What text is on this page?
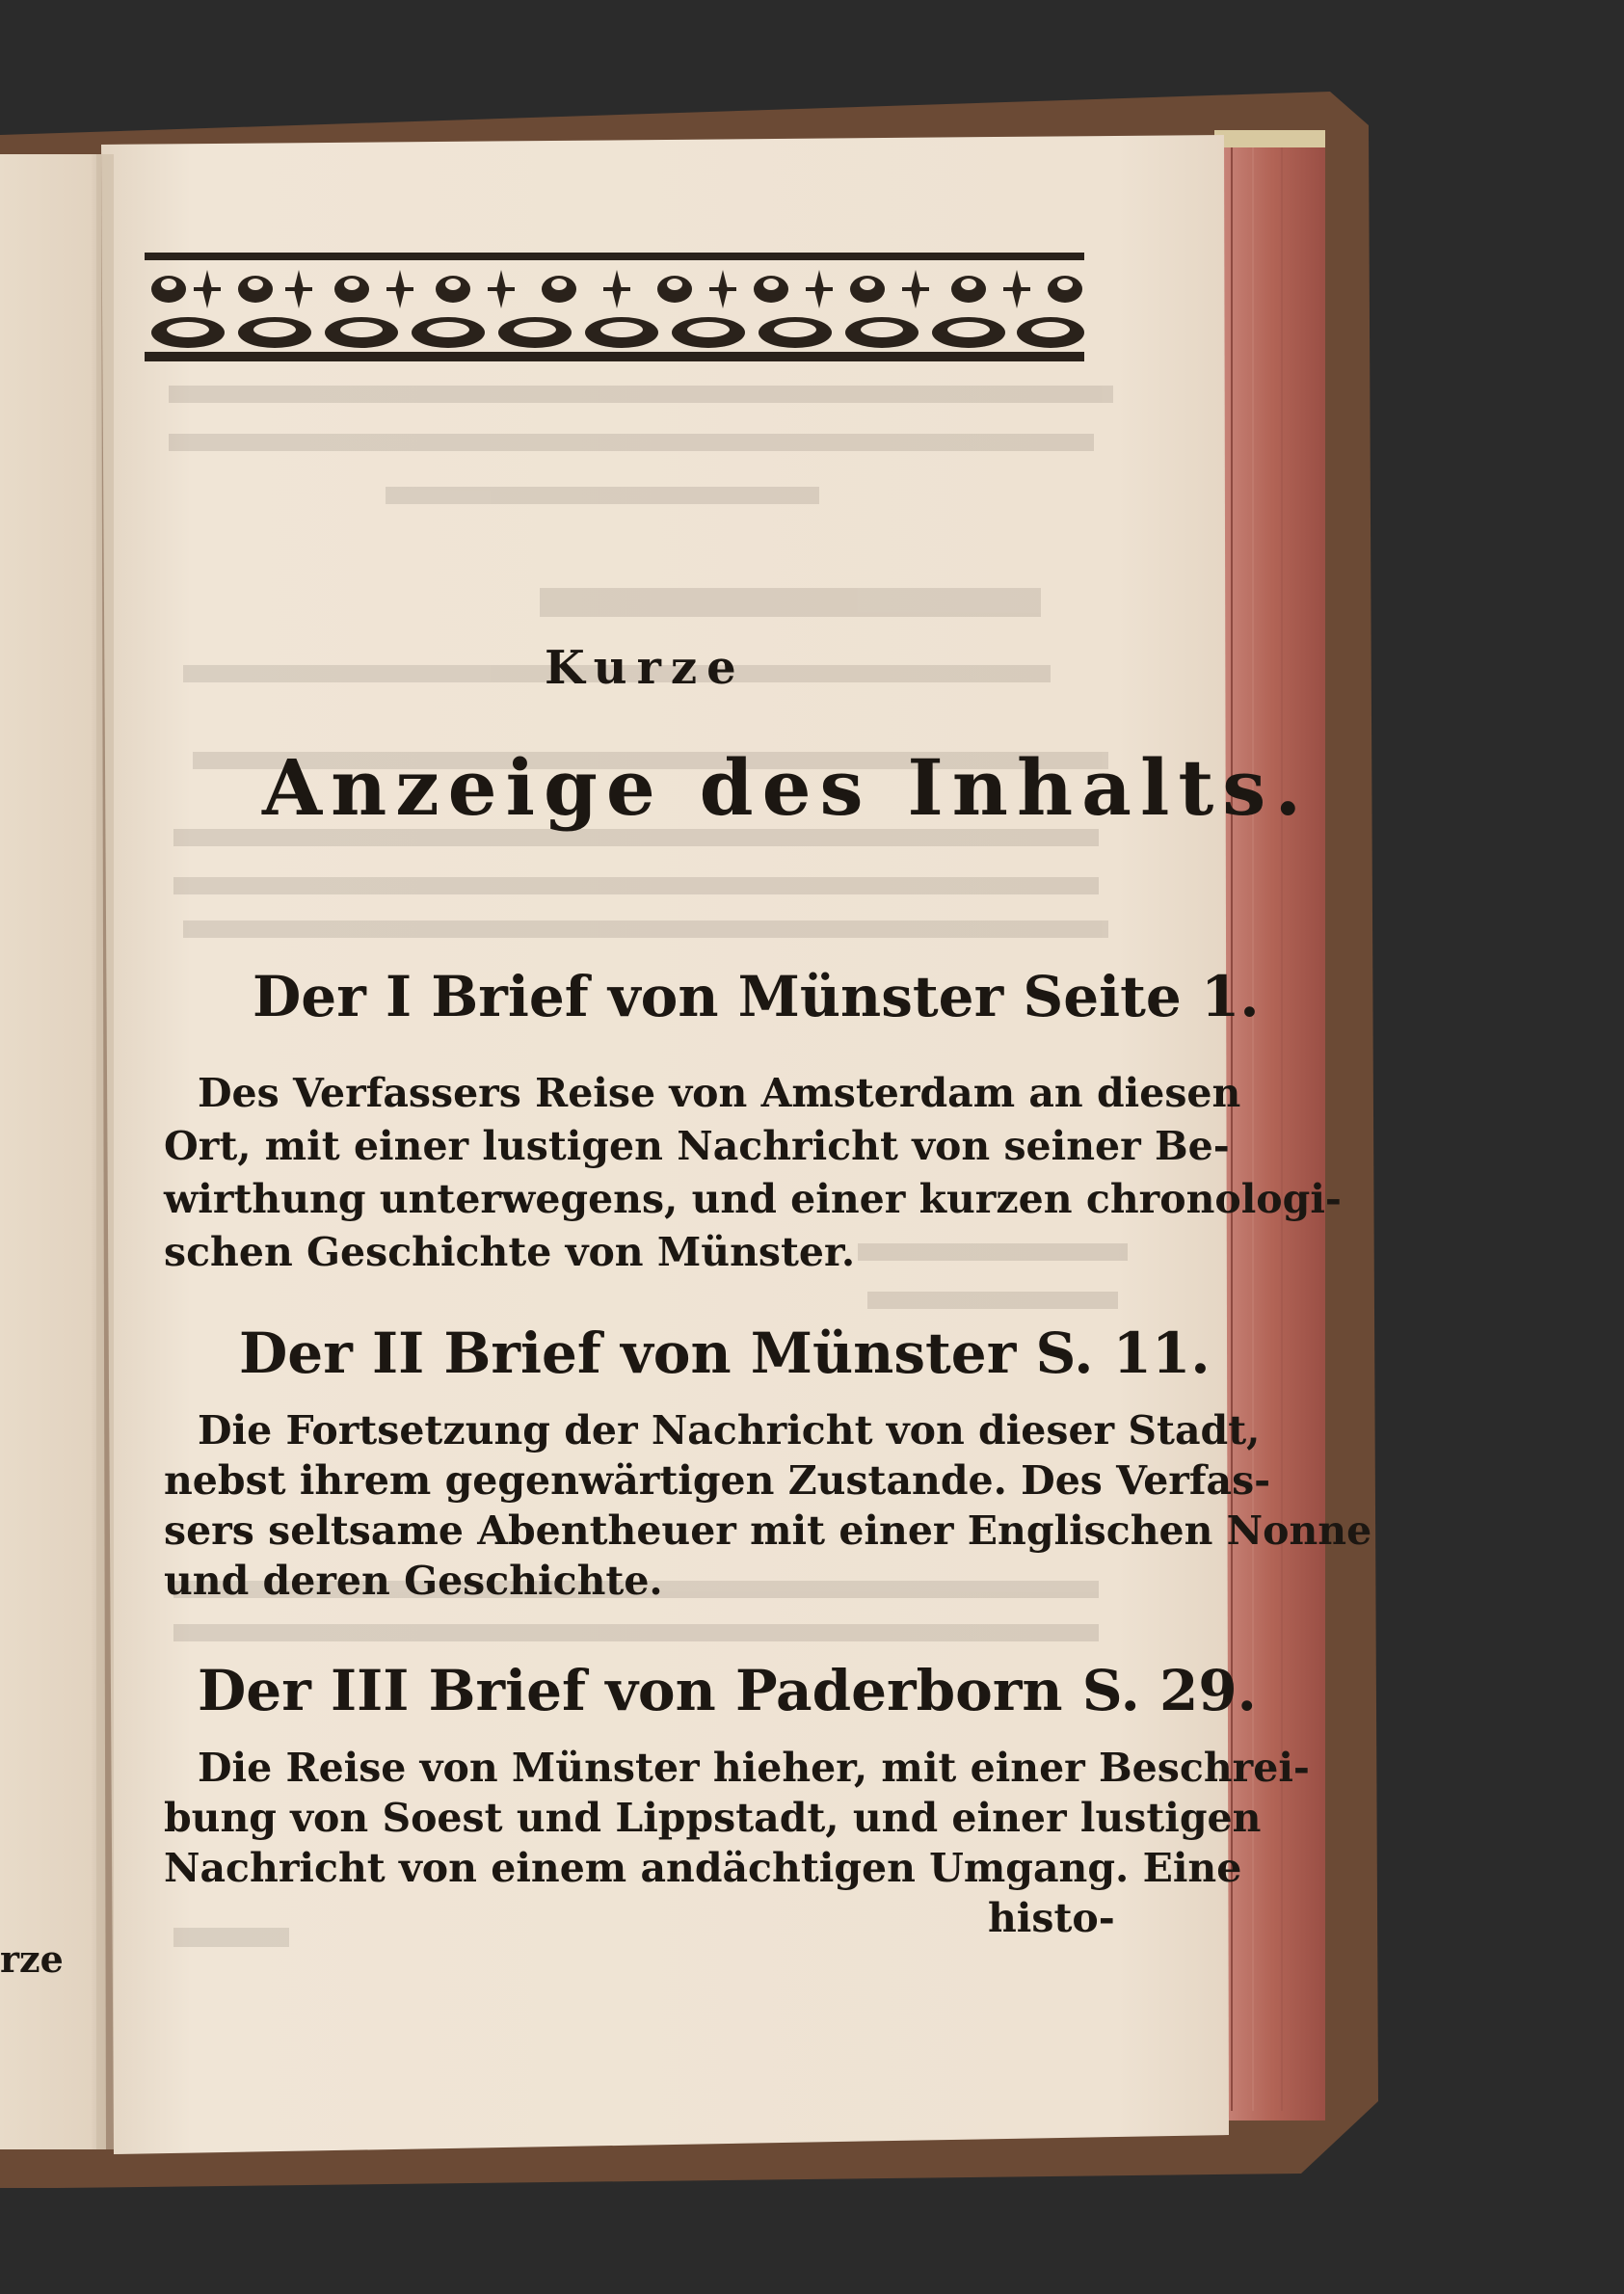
Kurze
Anzeige des Inhalts.
Der I Brief von Münster Seite 1.
Des Verfassers Reise von Amsterdam an diesen
Ort, mit einer lustigen Nachricht von seiner Be-
wirthung unterwegens, und einer kurzen chronologi-
schen Geschichte von Münster.
Der II Brief von Münster S. 11.
Die Fortsetzung der Nachricht von dieser Stadt,
nebst ihrem gegenwärtigen Zustande. Des Verfas-
sers seltsame Abentheuer mit einer Englischen Nonne
und deren Geschichte.
Der III Brief von Paderborn S. 29.
Die Reise von Münster hieher, mit einer Beschrei-
bung von Soest und Lippstadt, und einer lustigen
Nachricht von einem andächtigen Umgang. Eine
histo-
rze
